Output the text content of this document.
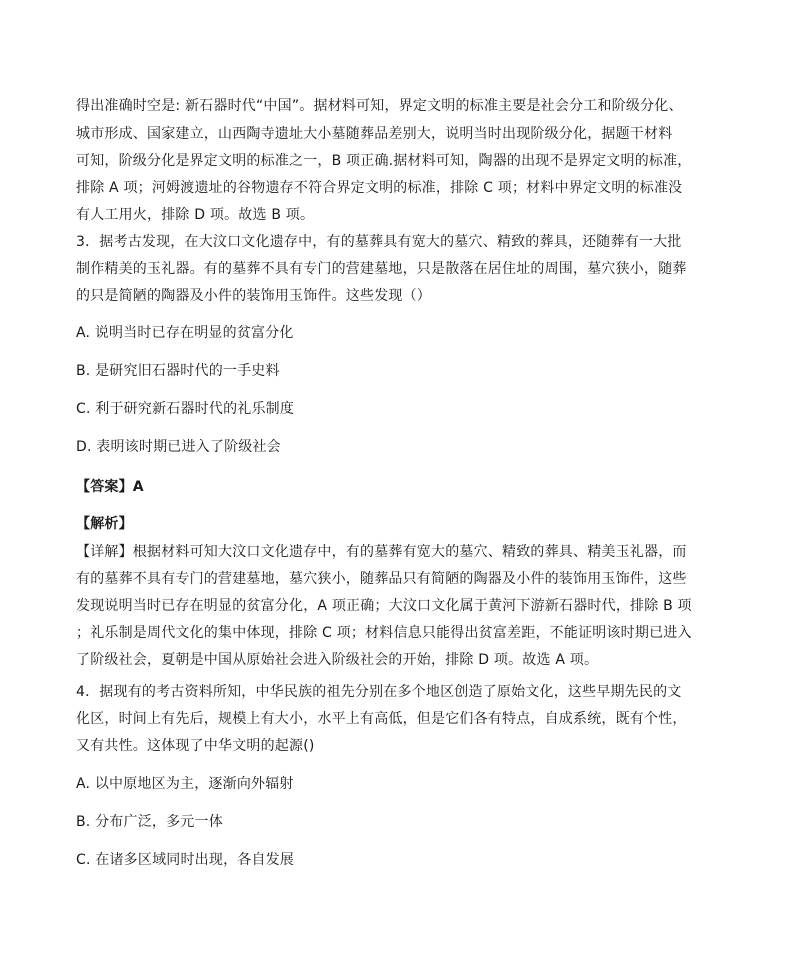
得出准确时空是: 新石器时代“中国”。据材料可知，界定文明的标准主要是社会分工和阶级分化、
城市形成、国家建立，山西陶寺遗址大小墓随葬品差别大，说明当时出现阶级分化，据题干材料
可知，阶级分化是界定文明的标准之一，B 项正确.据材料可知，陶器的出现不是界定文明的标准，
排除 A 项；河姆渡遗址的谷物遗存不符合界定文明的标准，排除 C 项；材料中界定文明的标准没
有人工用火，排除 D 项。故选 B 项。
3．据考古发现，在大汶口文化遗存中，有的墓葬具有宽大的墓穴、精致的葬具，还随葬有一大批
制作精美的玉礼器。有的墓葬不具有专门的营建墓地，只是散落在居住址的周围，墓穴狭小，随葬
的只是简陋的陶器及小件的装饰用玉饰件。这些发现（）
A. 说明当时已存在明显的贫富分化
B. 是研究旧石器时代的一手史料
C. 利于研究新石器时代的礼乐制度
D. 表明该时期已进入了阶级社会
【答案】A
【解析】
【详解】根据材料可知大汶口文化遗存中，有的墓葬有宽大的墓穴、精致的葬具、精美玉礼器，而
有的墓葬不具有专门的营建墓地，墓穴狭小，随葬品只有简陋的陶器及小件的装饰用玉饰件，这些
发现说明当时已存在明显的贫富分化，A 项正确；大汶口文化属于黄河下游新石器时代，排除 B 项
；礼乐制是周代文化的集中体现，排除 C 项；材料信息只能得出贫富差距，不能证明该时期已进入
了阶级社会，夏朝是中国从原始社会进入阶级社会的开始，排除 D 项。故选 A 项。
4．据现有的考古资料所知，中华民族的祖先分别在多个地区创造了原始文化，这些早期先民的文
化区，时间上有先后，规模上有大小，水平上有高低，但是它们各有特点，自成系统，既有个性，
又有共性。这体现了中华文明的起源()
A. 以中原地区为主，逐渐向外辐射
B. 分布广泛，多元一体
C. 在诸多区域同时出现，各自发展
